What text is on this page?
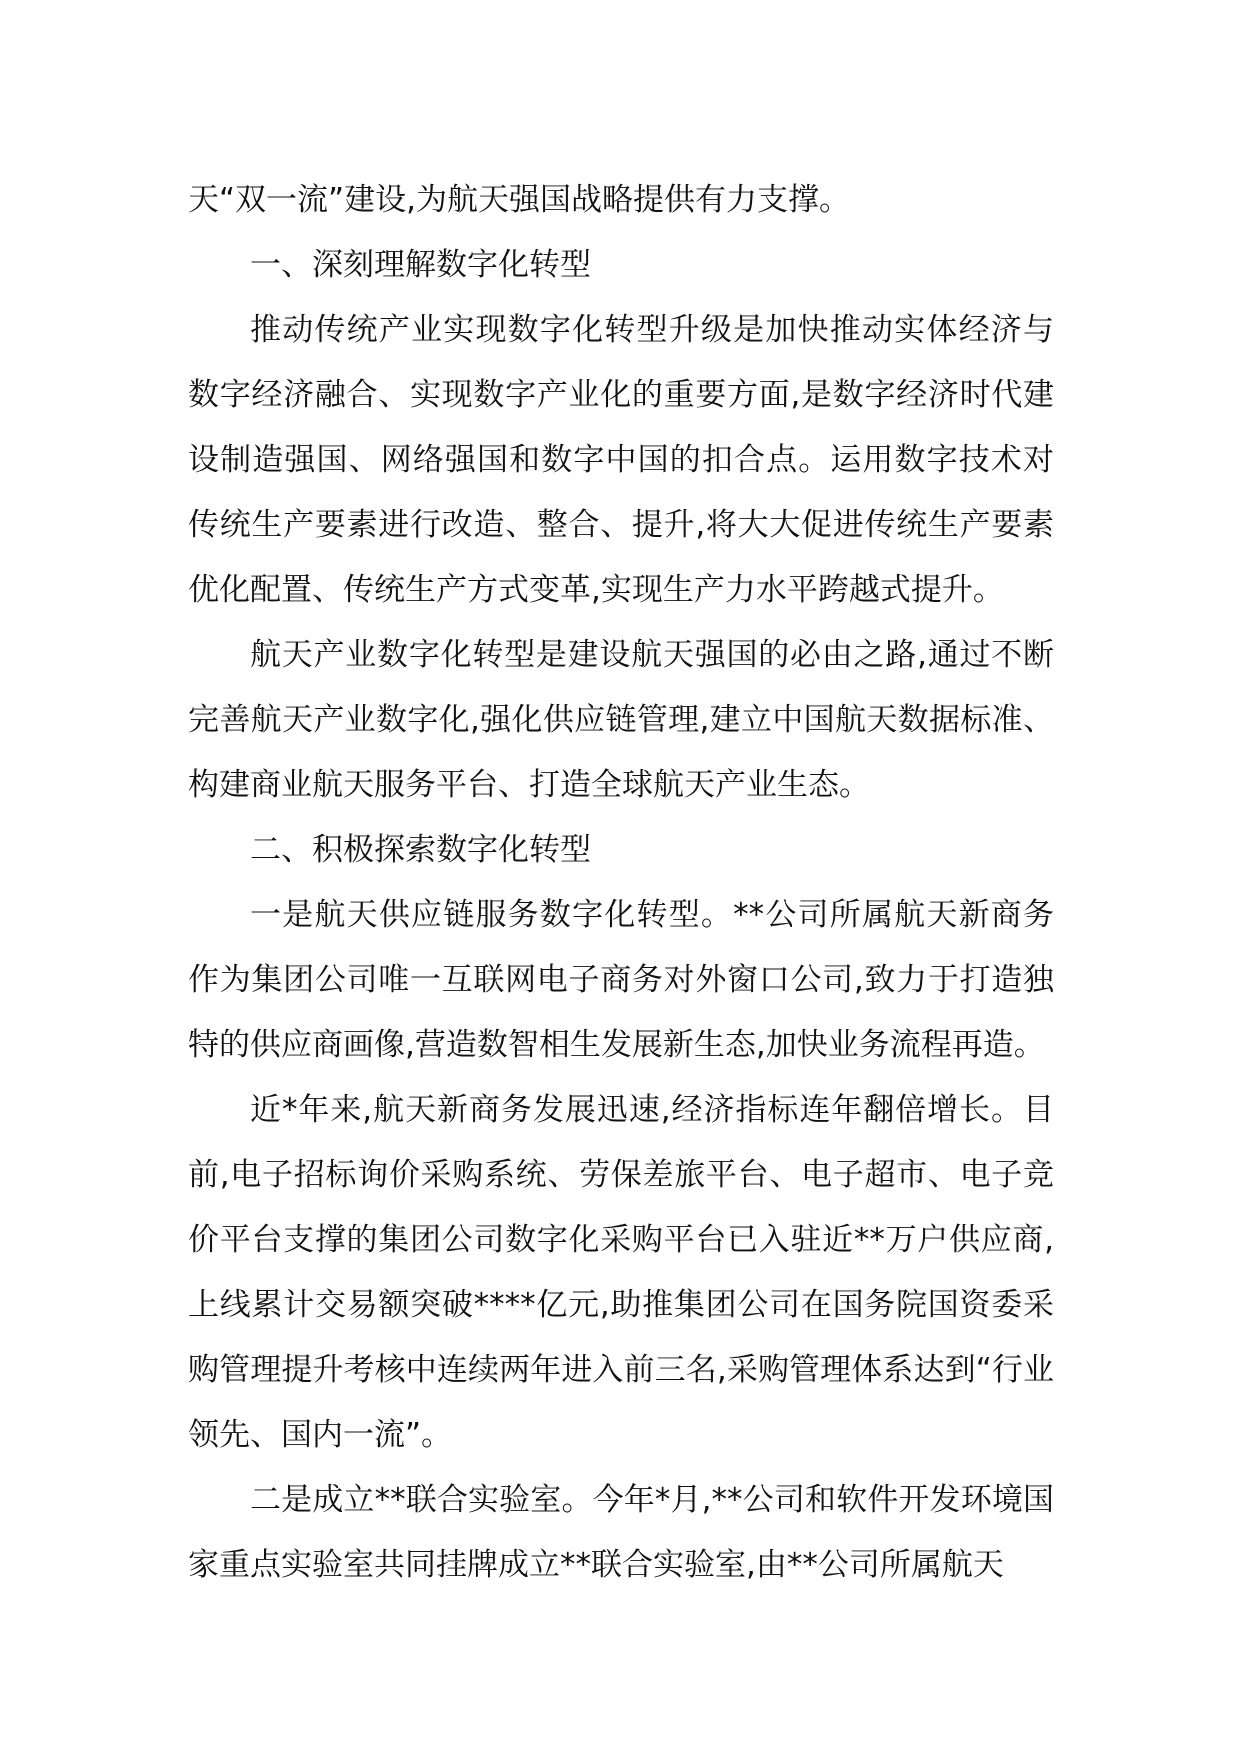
天“双一流”建设,为航天强国战略提供有力支撑。

一、深刻理解数字化转型

推动传统产业实现数字化转型升级是加快推动实体经济与数字经济融合、实现数字产业化的重要方面,是数字经济时代建设制造强国、网络强国和数字中国的扣合点。运用数字技术对传统生产要素进行改造、整合、提升,将大大促进传统生产要素优化配置、传统生产方式变革,实现生产力水平跨越式提升。

航天产业数字化转型是建设航天强国的必由之路,通过不断完善航天产业数字化,强化供应链管理,建立中国航天数据标准、构建商业航天服务平台、打造全球航天产业生态。

二、积极探索数字化转型

一是航天供应链服务数字化转型。**公司所属航天新商务作为集团公司唯一互联网电子商务对外窗口公司,致力于打造独特的供应商画像,营造数智相生发展新生态,加快业务流程再造。

近*年来,航天新商务发展迅速,经济指标连年翻倍增长。目前,电子招标询价采购系统、劳保差旅平台、电子超市、电子竞价平台支撑的集团公司数字化采购平台已入驻近**万户供应商,上线累计交易额突破****亿元,助推集团公司在国务院国资委采购管理提升考核中连续两年进入前三名,采购管理体系达到“行业领先、国内一流”。

二是成立**联合实验室。今年*月,**公司和软件开发环境国家重点实验室共同挂牌成立**联合实验室,由**公司所属航天
